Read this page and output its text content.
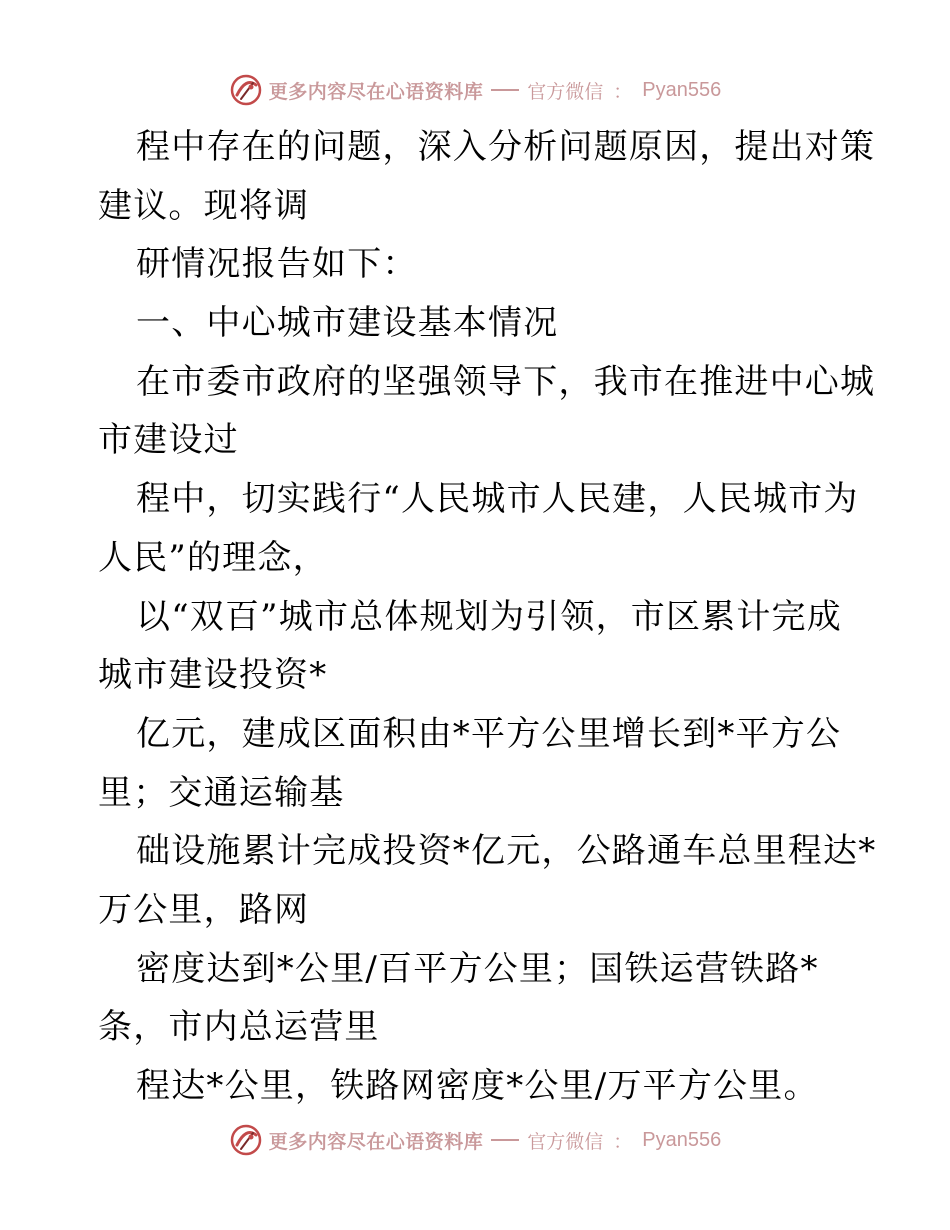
更多内容尽在心语资料库 官方微信 ： Pyan556
程中存在的问题，深入分析问题原因，提出对策
建议。现将调
研情况报告如下：
一、中心城市建设基本情况
在市委市政府的坚强领导下，我市在推进中心城
市建设过
程中，切实践行“人民城市人民建，人民城市为
人民”的理念，
以“双百”城市总体规划为引领，市区累计完成
城市建设投资*
亿元，建成区面积由*平方公里增长到*平方公
里；交通运输基
础设施累计完成投资*亿元，公路通车总里程达*
万公里，路网
密度达到*公里/百平方公里；国铁运营铁路*
条，市内总运营里
程达*公里，铁路网密度*公里/万平方公里。
更多内容尽在心语资料库 官方微信 ： Pyan556
